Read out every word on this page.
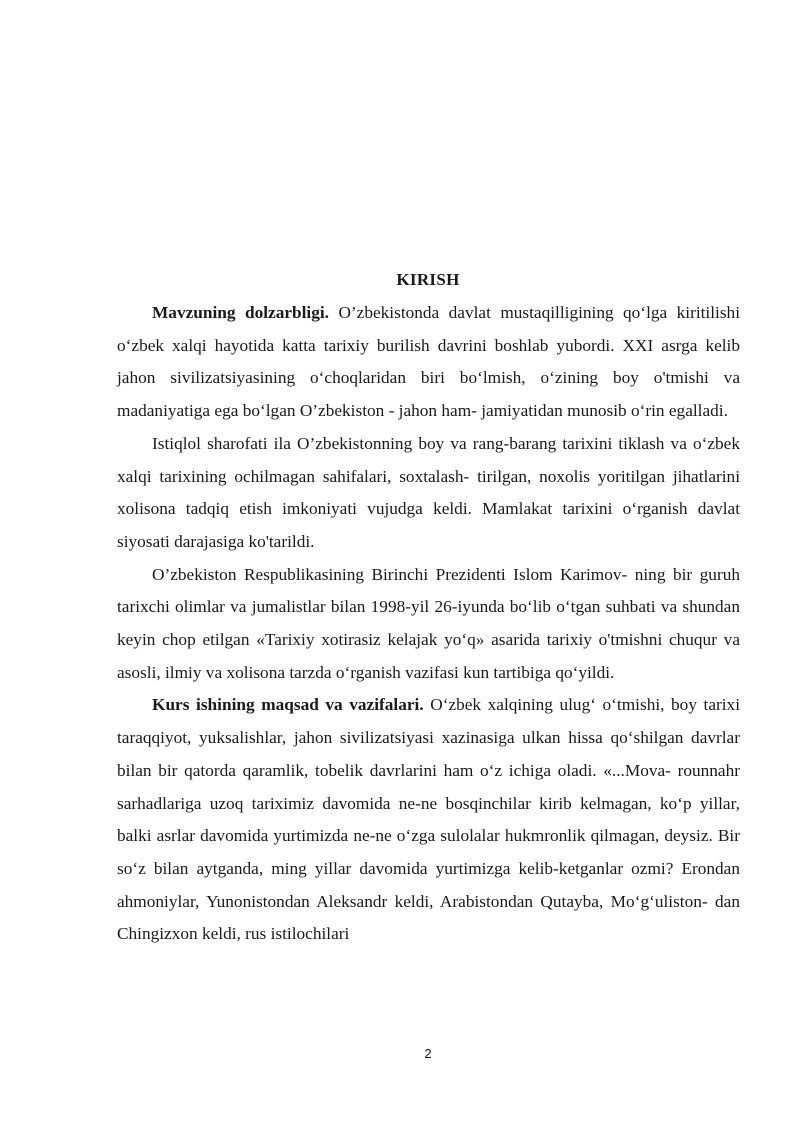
KIRISH

Mavzuning dolzarbligi. O’zbekistonda davlat mustaqilligining qo‘lga kiritilishi o‘zbek xalqi hayotida katta tarixiy burilish davrini boshlab yubordi. XXI asrga kelib jahon sivilizatsiyasining o‘choqlaridan biri bo‘lmish, o‘zining boy o'tmishi va madaniyatiga ega bo‘lgan O’zbekiston - jahon ham- jamiyatidan munosib o‘rin egalladi.

Istiqlol sharofati ila O’zbekistonning boy va rang-barang tarixini tiklash va o‘zbek xalqi tarixining ochilmagan sahifalari, soxtalash- tirilgan, noxolis yoritilgan jihatlarini xolisona tadqiq etish imkoniyati vujudga keldi. Mamlakat tarixini o‘rganish davlat siyosati darajasiga ko'tarildi.

O’zbekiston Respublikasining Birinchi Prezidenti Islom Karimov- ning bir guruh tarixchi olimlar va jumalistlar bilan 1998-yil 26-iyunda bo‘lib o‘tgan suhbati va shundan keyin chop etilgan «Tarixiy xotirasiz kelajak yo‘q» asarida tarixiy o'tmishni chuqur va asosli, ilmiy va xolisona tarzda o‘rganish vazifasi kun tartibiga qo‘yildi.

Kurs ishining maqsad va vazifalari. O‘zbek xalqining ulug‘ o‘tmishi, boy tarixi taraqqiyot, yuksalishlar, jahon sivilizatsiyasi xazinasiga ulkan hissa qo‘shilgan davrlar bilan bir qatorda qaramlik, tobelik davrlarini ham o‘z ichiga oladi. «...Mova- rounnahr sarhadlariga uzoq tariximiz davomida ne-ne bosqinchilar kirib kelmagan, ko‘p yillar, balki asrlar davomida yurtimizda ne-ne o‘zga sulolalar hukmronlik qilmagan, deysiz. Bir so‘z bilan aytganda, ming yillar davomida yurtimizga kelib-ketganlar ozmi? Erondan ahmoniylar, Yunonistondan Aleksandr keldi, Arabistondan Qutayba, Mo‘g‘uliston- dan Chingizxon keldi, rus istilochilari

2
